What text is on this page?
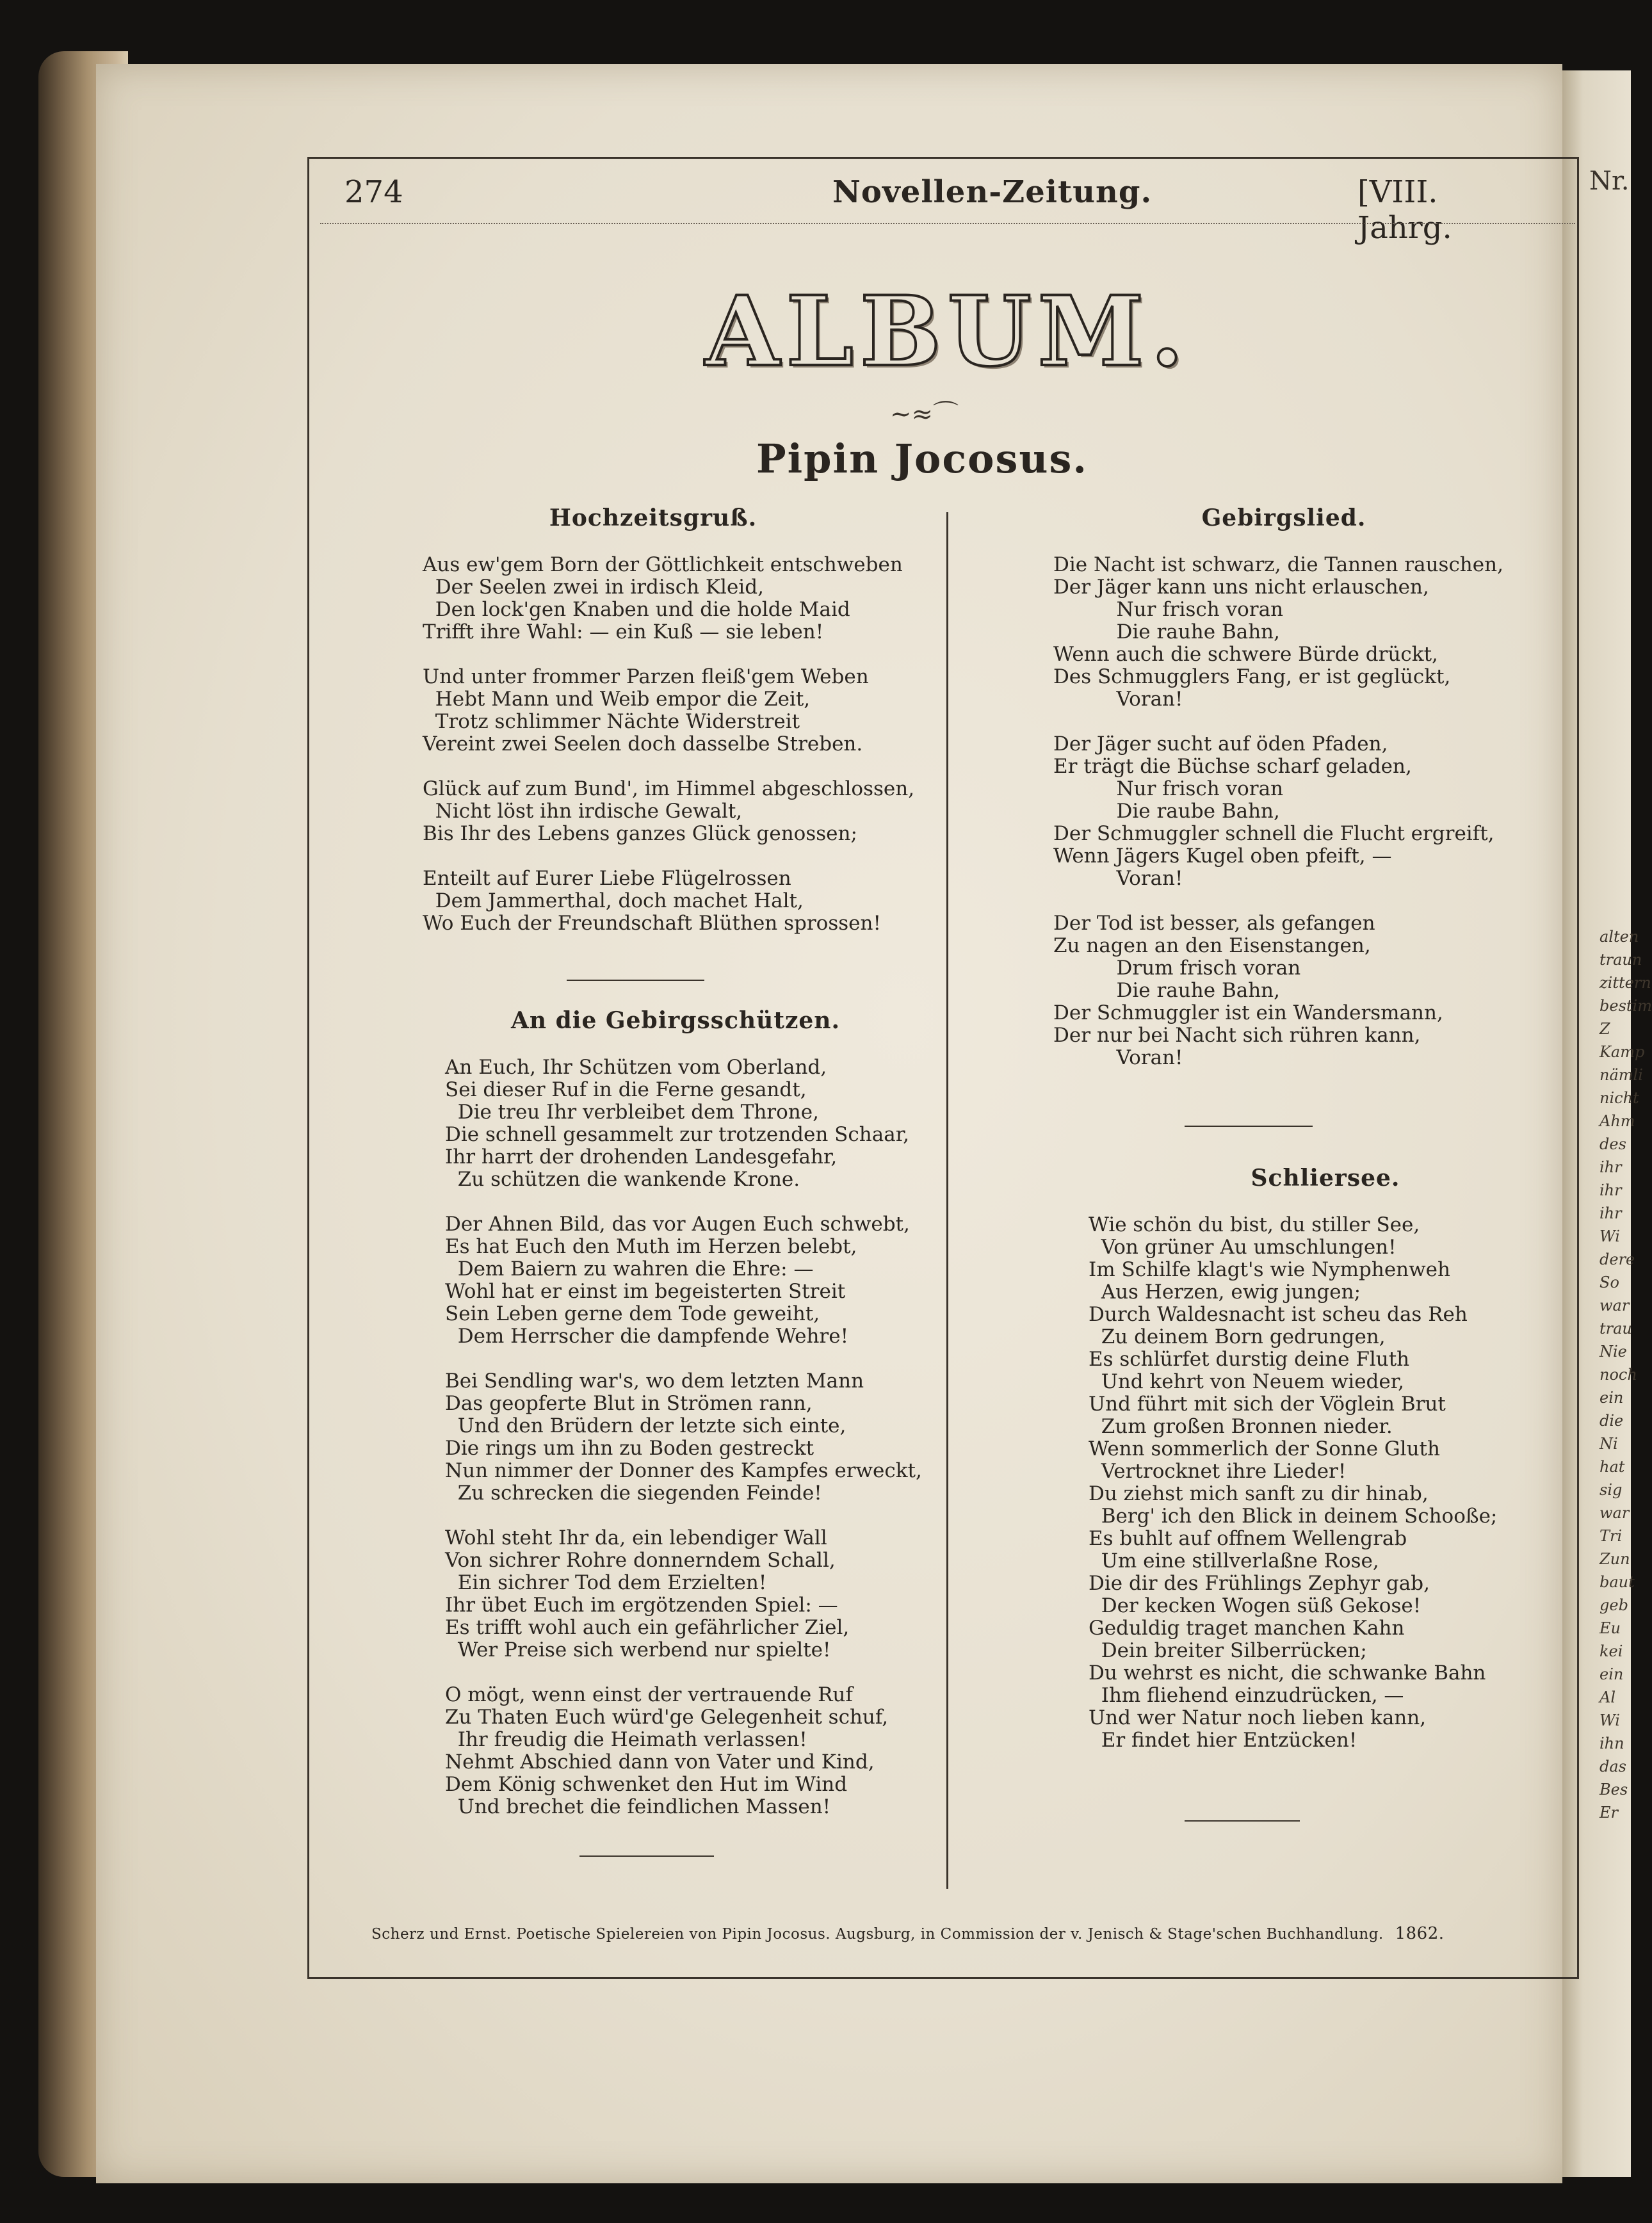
Nr.
alten
traun
zittern
bestim
Z
Kamp
nämli
nicht
Ahm
des
ihr
ihr
ihr
Wi
dere
So
war
trau
Nie
noch
ein
die
Ni
hat
sig
war
Tri
Zun
baut
geb
Eu
kei
ein
Al
Wi
ihn
das
Bes
Er
274	Novellen-Zeitung.	[VIII. Jahrg.
ALBUM.
~≈⌒
Pipin Jocosus.
Hochzeitsgruß.

Aus ew'gem Born der Göttlichkeit entschweben
Der Seelen zwei in irdisch Kleid,
Den lock'gen Knaben und die holde Maid
Trifft ihre Wahl: — ein Kuß — sie leben!

Und unter frommer Parzen fleiß'gem Weben
Hebt Mann und Weib empor die Zeit,
Trotz schlimmer Nächte Widerstreit
Vereint zwei Seelen doch dasselbe Streben.

Glück auf zum Bund', im Himmel abgeschlossen,
Nicht löst ihn irdische Gewalt,
Bis Ihr des Lebens ganzes Glück genossen;

Enteilt auf Eurer Liebe Flügelrossen
Dem Jammerthal, doch machet Halt,
Wo Euch der Freundschaft Blüthen sprossen!

An die Gebirgsschützen.

An Euch, Ihr Schützen vom Oberland,
Sei dieser Ruf in die Ferne gesandt,
Die treu Ihr verbleibet dem Throne,
Die schnell gesammelt zur trotzenden Schaar,
Ihr harrt der drohenden Landesgefahr,
Zu schützen die wankende Krone.

Der Ahnen Bild, das vor Augen Euch schwebt,
Es hat Euch den Muth im Herzen belebt,
Dem Baiern zu wahren die Ehre: —
Wohl hat er einst im begeisterten Streit
Sein Leben gerne dem Tode geweiht,
Dem Herrscher die dampfende Wehre!

Bei Sendling war's, wo dem letzten Mann
Das geopferte Blut in Strömen rann,
Und den Brüdern der letzte sich einte,
Die rings um ihn zu Boden gestreckt
Nun nimmer der Donner des Kampfes erweckt,
Zu schrecken die siegenden Feinde!

Wohl steht Ihr da, ein lebendiger Wall
Von sichrer Rohre donnerndem Schall,
Ein sichrer Tod dem Erzielten!
Ihr übet Euch im ergötzenden Spiel: —
Es trifft wohl auch ein gefährlicher Ziel,
Wer Preise sich werbend nur spielte!

O mögt, wenn einst der vertrauende Ruf
Zu Thaten Euch würd'ge Gelegenheit schuf,
Ihr freudig die Heimath verlassen!
Nehmt Abschied dann von Vater und Kind,
Dem König schwenket den Hut im Wind
Und brechet die feindlichen Massen!

Gebirgslied.

Die Nacht ist schwarz, die Tannen rauschen,
Der Jäger kann uns nicht erlauschen,
Nur frisch voran
Die rauhe Bahn,
Wenn auch die schwere Bürde drückt,
Des Schmugglers Fang, er ist geglückt,
Voran!

Der Jäger sucht auf öden Pfaden,
Er trägt die Büchse scharf geladen,
Nur frisch voran
Die raube Bahn,
Der Schmuggler schnell die Flucht ergreift,
Wenn Jägers Kugel oben pfeift, —
Voran!

Der Tod ist besser, als gefangen
Zu nagen an den Eisenstangen,
Drum frisch voran
Die rauhe Bahn,
Der Schmuggler ist ein Wandersmann,
Der nur bei Nacht sich rühren kann,
Voran!

Schliersee.

Wie schön du bist, du stiller See,
Von grüner Au umschlungen!
Im Schilfe klagt's wie Nymphenweh
Aus Herzen, ewig jungen;
Durch Waldesnacht ist scheu das Reh
Zu deinem Born gedrungen,
Es schlürfet durstig deine Fluth
Und kehrt von Neuem wieder,
Und führt mit sich der Vöglein Brut
Zum großen Bronnen nieder.
Wenn sommerlich der Sonne Gluth
Vertrocknet ihre Lieder!
Du ziehst mich sanft zu dir hinab,
Berg' ich den Blick in deinem Schooße;
Es buhlt auf offnem Wellengrab
Um eine stillverlaßne Rose,
Die dir des Frühlings Zephyr gab,
Der kecken Wogen süß Gekose!
Geduldig traget manchen Kahn
Dein breiter Silberrücken;
Du wehrst es nicht, die schwanke Bahn
Ihm fliehend einzudrücken, —
Und wer Natur noch lieben kann,
Er findet hier Entzücken!

Scherz und Ernst. Poetische Spielereien von Pipin Jocosus. Augsburg, in Commission der v. Jenisch & Stage'schen Buchhandlung. 1862.
